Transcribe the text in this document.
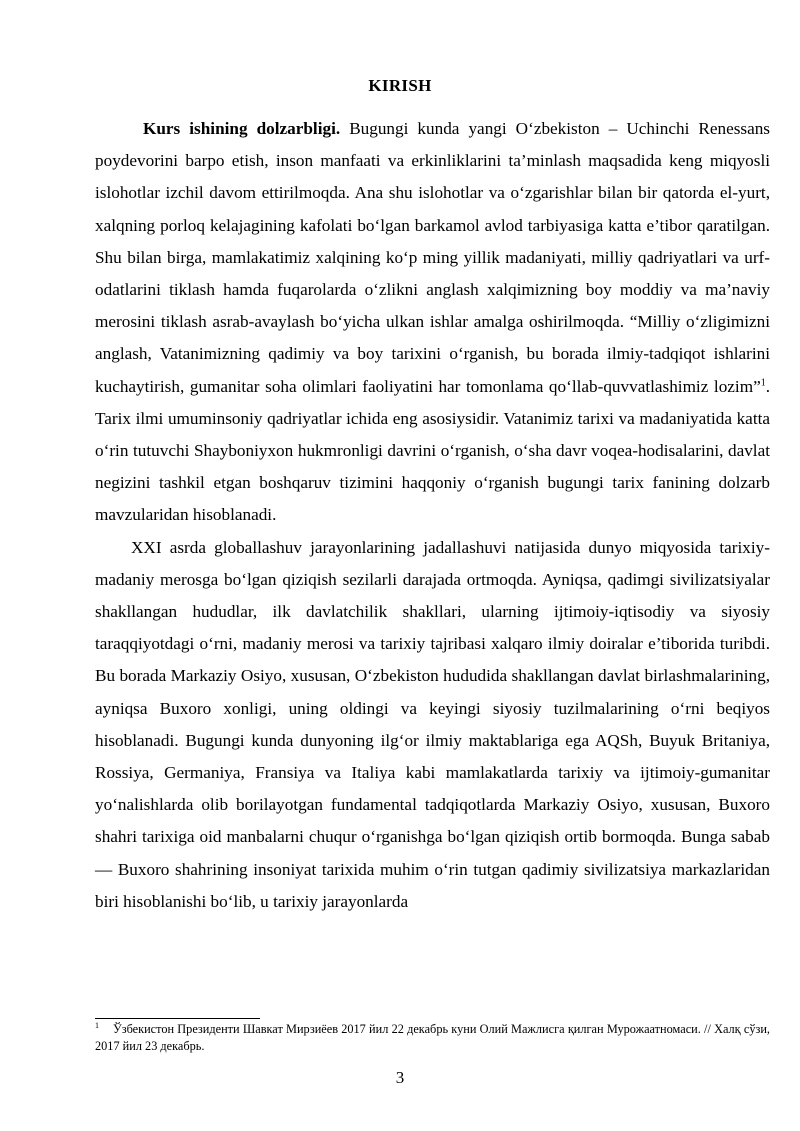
KIRISH

Kurs ishining dolzarbligi. Bugungi kunda yangi O‘zbekiston – Uchinchi Renessans poydevorini barpo etish, inson manfaati va erkinliklarini ta’minlash maqsadida keng miqyosli islohotlar izchil davom ettirilmoqda. Ana shu islohotlar va o‘zgarishlar bilan bir qatorda el-yurt, xalqning porloq kelajagining kafolati bo‘lgan barkamol avlod tarbiyasiga katta e’tibor qaratilgan. Shu bilan birga, mamlakatimiz xalqining ko‘p ming yillik madaniyati, milliy qadriyatlari va urf-odatlarini tiklash hamda fuqarolarda o‘zlikni anglash xalqimizning boy moddiy va ma’naviy merosini tiklash asrab-avaylash bo‘yicha ulkan ishlar amalga oshirilmoqda. “Milliy o‘zligimizni anglash, Vatanimizning qadimiy va boy tarixini o‘rganish, bu borada ilmiy-tadqiqot ishlarini kuchaytirish, gumanitar soha olimlari faoliyatini har tomonlama qo‘llab-quvvatlashimiz lozim”$^1$. Tarix ilmi umuminsoniy qadriyatlar ichida eng asosiysidir. Vatanimiz tarixi va madaniyatida katta o‘rin tutuvchi Shayboniyxon hukmronligi davrini o‘rganish, o‘sha davr voqea-hodisalarini, davlat negizini tashkil etgan boshqaruv tizimini haqqoniy o‘rganish bugungi tarix fanining dolzarb mavzularidan hisoblanadi.

XXI asrda globallashuv jarayonlarining jadallashuvi natijasida dunyo miqyosida tarixiy-madaniy merosga bo‘lgan qiziqish sezilarli darajada ortmoqda. Ayniqsa, qadimgi sivilizatsiyalar shakllangan hududlar, ilk davlatchilik shakllari, ularning ijtimoiy-iqtisodiy va siyosiy taraqqiyotdagi o‘rni, madaniy merosi va tarixiy tajribasi xalqaro ilmiy doiralar e’tiborida turibdi. Bu borada Markaziy Osiyo, xususan, O‘zbekiston hududida shakllangan davlat birlashmalarining, ayniqsa Buxoro xonligi, uning oldingi va keyingi siyosiy tuzilmalarining o‘rni beqiyos hisoblanadi. Bugungi kunda dunyoning ilg‘or ilmiy maktablariga ega AQSh, Buyuk Britaniya, Rossiya, Germaniya, Fransiya va Italiya kabi mamlakatlarda tarixiy va ijtimoiy-gumanitar yo‘nalishlarda olib borilayotgan fundamental tadqiqotlarda Markaziy Osiyo, xususan, Buxoro shahri tarixiga oid manbalarni chuqur o‘rganishga bo‘lgan qiziqish ortib bormoqda. Bunga sabab — Buxoro shahrining insoniyat tarixida muhim o‘rin tutgan qadimiy sivilizatsiya markazlaridan biri hisoblanishi bo‘lib, u tarixiy jarayonlarda

$^1$ Ўзбекистон Президенти Шавкат Мирзиёев 2017 йил 22 декабрь куни Олий Мажлисга қилган Мурожаатномаси. // Халқ сўзи, 2017 йил 23 декабрь.
3
